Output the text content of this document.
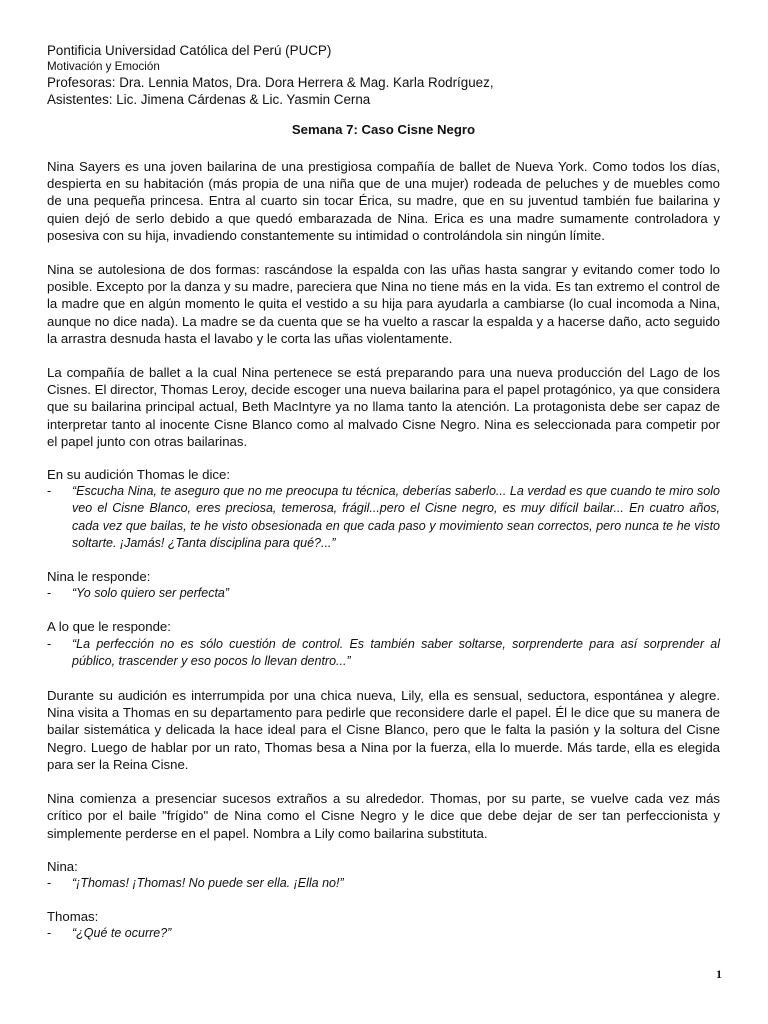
Pontificia Universidad Católica del Perú (PUCP)
Motivación y Emoción
Profesoras: Dra. Lennia Matos, Dra. Dora Herrera & Mag. Karla Rodríguez,
Asistentes: Lic. Jimena Cárdenas & Lic. Yasmin Cerna
Semana 7: Caso Cisne Negro

Nina Sayers es una joven bailarina de una prestigiosa compañía de ballet de Nueva York. Como todos los días, despierta en su habitación (más propia de una niña que de una mujer) rodeada de peluches y de muebles como de una pequeña princesa. Entra al cuarto sin tocar Érica, su madre, que en su juventud también fue bailarina y quien dejó de serlo debido a que quedó embarazada de Nina. Erica es una madre sumamente controladora y posesiva con su hija, invadiendo constantemente su intimidad o controlándola sin ningún límite.

Nina se autolesiona de dos formas: rascándose la espalda con las uñas hasta sangrar y evitando comer todo lo posible. Excepto por la danza y su madre, pareciera que Nina no tiene más en la vida. Es tan extremo el control de la madre que en algún momento le quita el vestido a su hija para ayudarla a cambiarse (lo cual incomoda a Nina, aunque no dice nada). La madre se da cuenta que se ha vuelto a rascar la espalda y a hacerse daño, acto seguido la arrastra desnuda hasta el lavabo y le corta las uñas violentamente.

La compañía de ballet a la cual Nina pertenece se está preparando para una nueva producción del Lago de los Cisnes. El director, Thomas Leroy, decide escoger una nueva bailarina para el papel protagónico, ya que considera que su bailarina principal actual, Beth MacIntyre ya no llama tanto la atención. La protagonista debe ser capaz de interpretar tanto al inocente Cisne Blanco como al malvado Cisne Negro. Nina es seleccionada para competir por el papel junto con otras bailarinas.

En su audición Thomas le dice:
-	“Escucha Nina, te aseguro que no me preocupa tu técnica, deberías saberlo... La verdad es que cuando te miro solo veo el Cisne Blanco, eres preciosa, temerosa, frágil...pero el Cisne negro, es muy difícil bailar... En cuatro años, cada vez que bailas, te he visto obsesionada en que cada paso y movimiento sean correctos, pero nunca te he visto soltarte. ¡Jamás! ¿Tanta disciplina para qué?...”
Nina le responde:
-	“Yo solo quiero ser perfecta”
A lo que le responde:
-	“La perfección no es sólo cuestión de control. Es también saber soltarse, sorprenderte para así sorprender al público, trascender y eso pocos lo llevan dentro...”

Durante su audición es interrumpida por una chica nueva, Lily, ella es sensual, seductora, espontánea y alegre. Nina visita a Thomas en su departamento para pedirle que reconsidere darle el papel. Él le dice que su manera de bailar sistemática y delicada la hace ideal para el Cisne Blanco, pero que le falta la pasión y la soltura del Cisne Negro. Luego de hablar por un rato, Thomas besa a Nina por la fuerza, ella lo muerde. Más tarde, ella es elegida para ser la Reina Cisne.

Nina comienza a presenciar sucesos extraños a su alrededor. Thomas, por su parte, se vuelve cada vez más crítico por el baile "frígido" de Nina como el Cisne Negro y le dice que debe dejar de ser tan perfeccionista y simplemente perderse en el papel. Nombra a Lily como bailarina substituta.

Nina:
-	“¡Thomas! ¡Thomas! No puede ser ella. ¡Ella no!”
Thomas:
-	“¿Qué te ocurre?”
1
